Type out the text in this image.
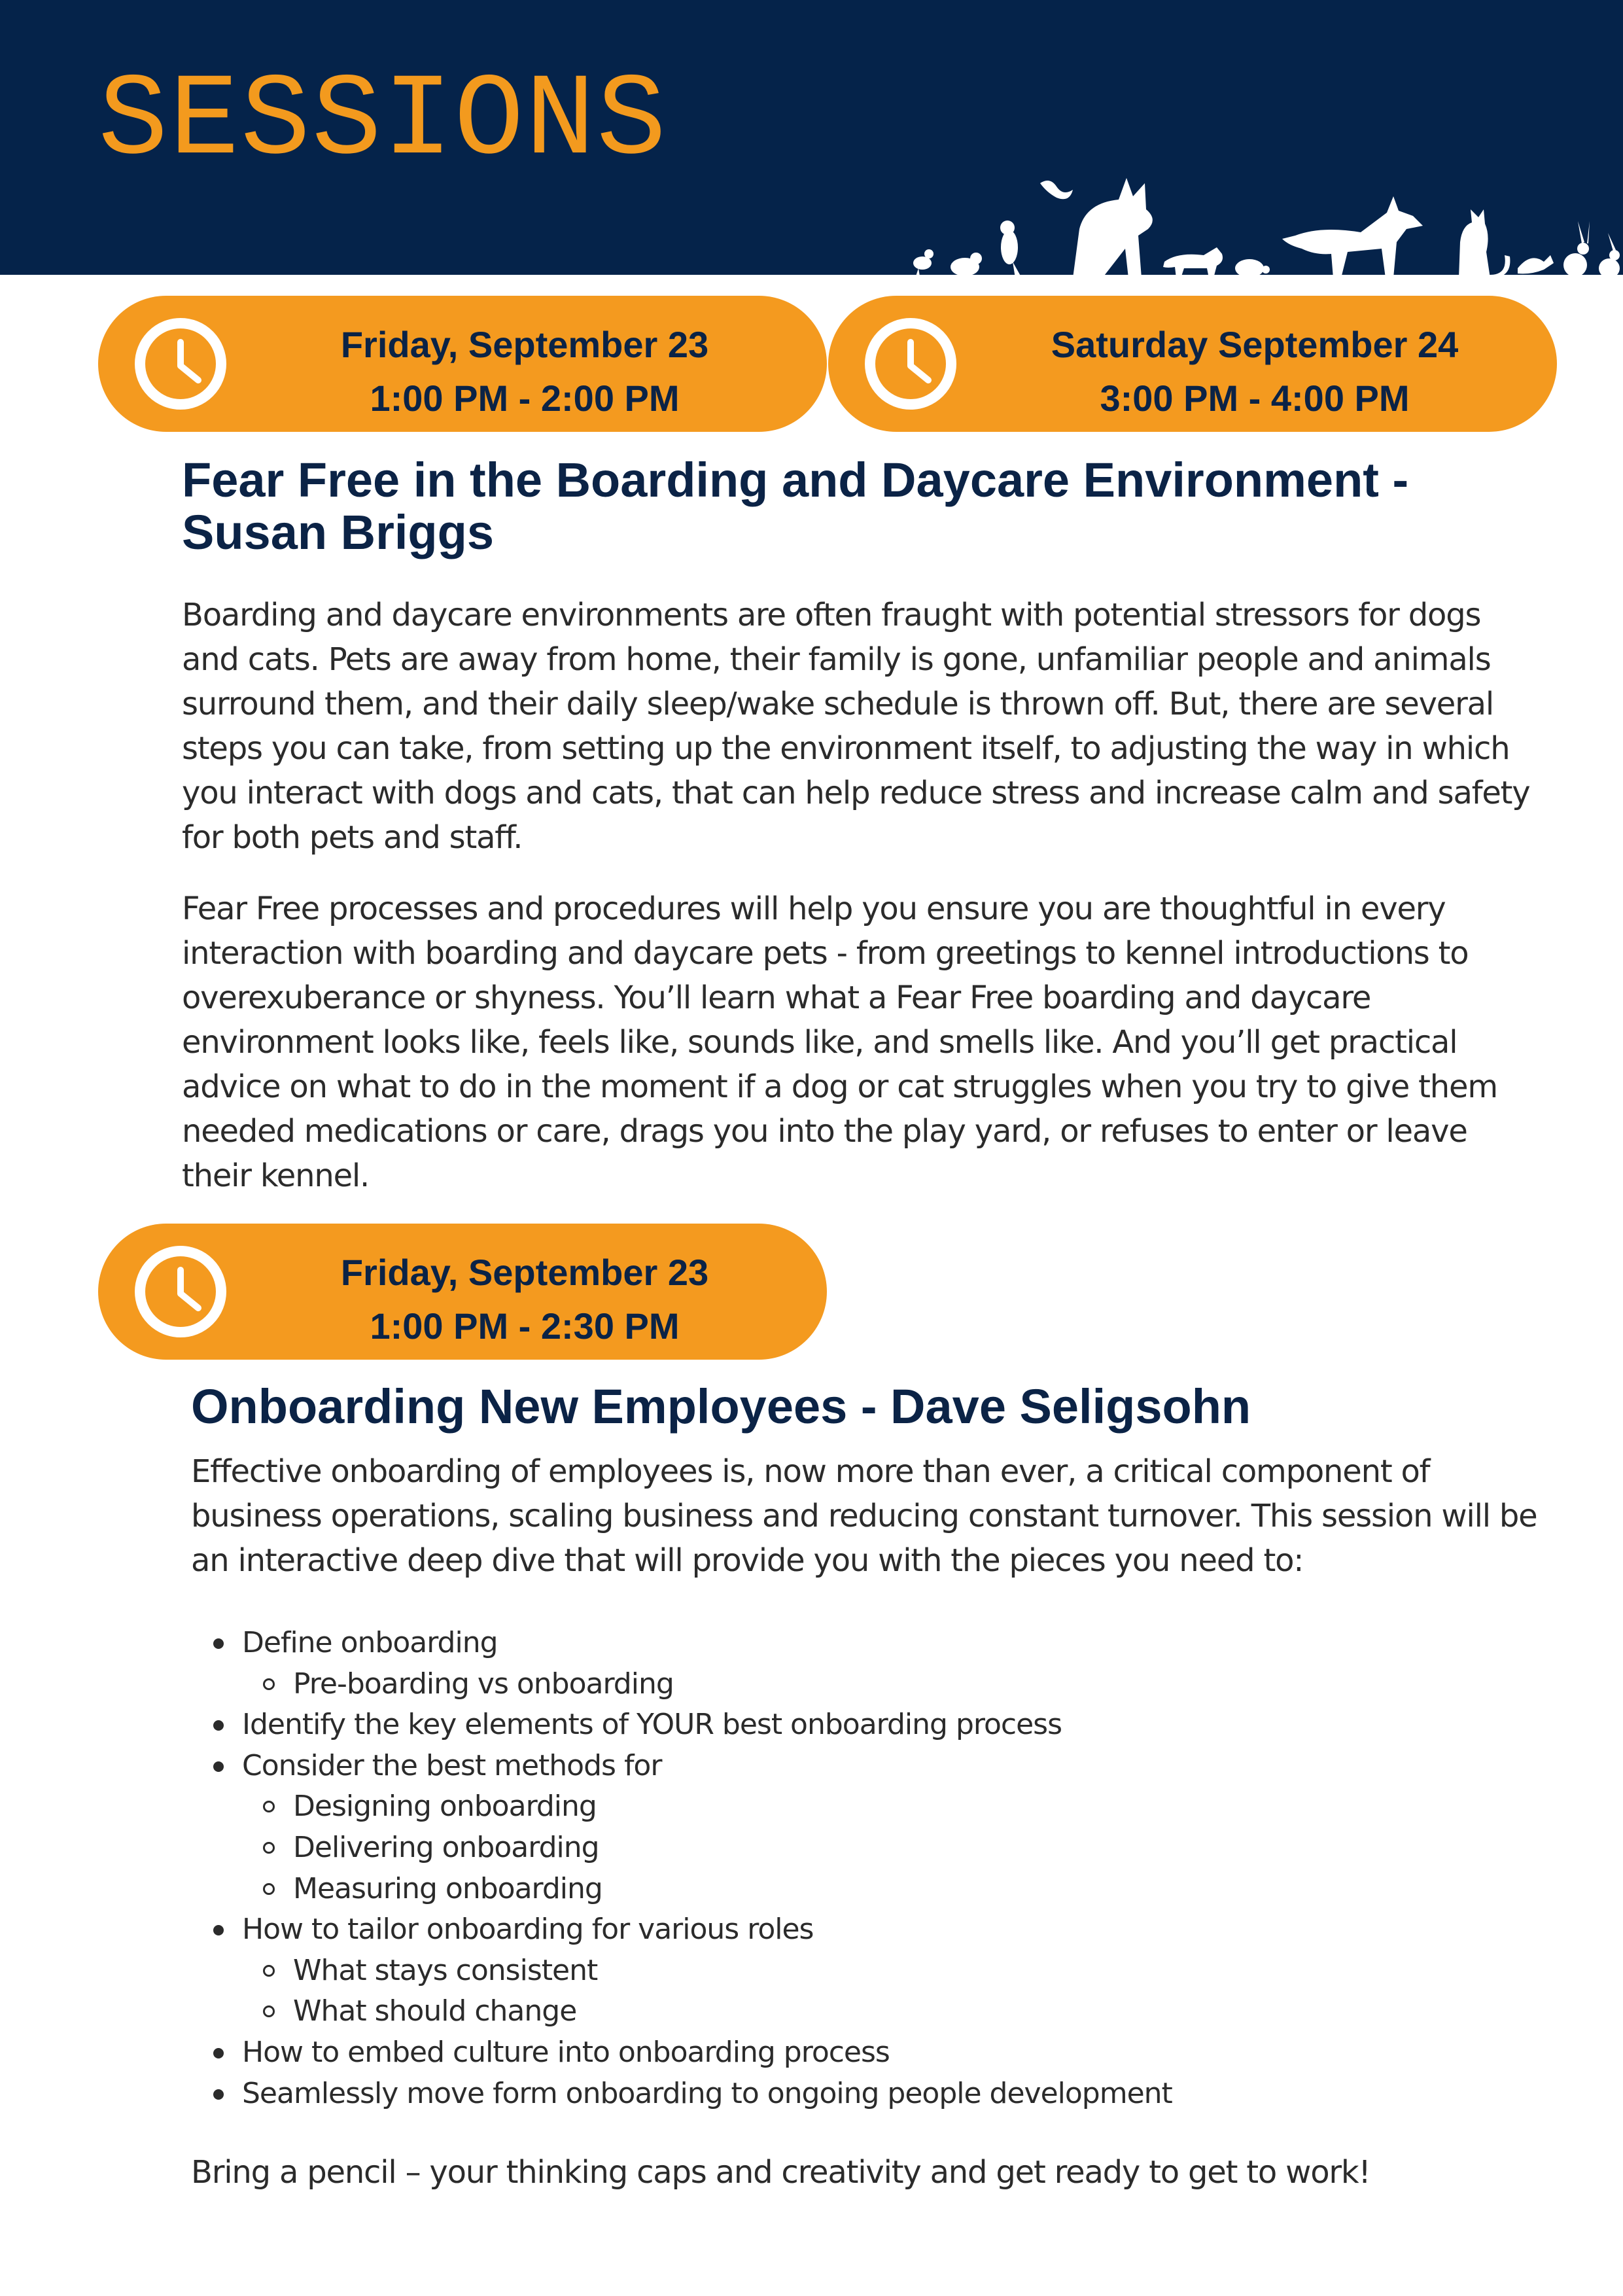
SESSIONS
Friday, September 23
1:00 PM - 2:00 PM
Saturday September 24
3:00 PM - 4:00 PM
Fear Free in the Boarding and Daycare Environment -
Susan Briggs

Boarding and daycare environments are often fraught with potential stressors for dogs and cats. Pets are away from home, their family is gone, unfamiliar people and animals surround them, and their daily sleep/wake schedule is thrown off. But, there are several steps you can take, from setting up the environment itself, to adjusting the way in which you interact with dogs and cats, that can help reduce stress and increase calm and safety for both pets and staff.

Fear Free processes and procedures will help you ensure you are thoughtful in every interaction with boarding and daycare pets - from greetings to kennel introductions to overexuberance or shyness. You’ll learn what a Fear Free boarding and daycare environment looks like, feels like, sounds like, and smells like. And you’ll get practical advice on what to do in the moment if a dog or cat struggles when you try to give them needed medications or care, drags you into the play yard, or refuses to enter or leave their kennel.

Friday, September 23
1:00 PM - 2:30 PM
Onboarding New Employees - Dave Seligsohn

Effective onboarding of employees is, now more than ever, a critical component of business operations, scaling business and reducing constant turnover. This session will be an interactive deep dive that will provide you with the pieces you need to:

Define onboarding
Pre-boarding vs onboarding
Identify the key elements of YOUR best onboarding process
Consider the best methods for
Designing onboarding
Delivering onboarding
Measuring onboarding
How to tailor onboarding for various roles
What stays consistent
What should change
How to embed culture into onboarding process
Seamlessly move form onboarding to ongoing people development

Bring a pencil – your thinking caps and creativity and get ready to get to work!
